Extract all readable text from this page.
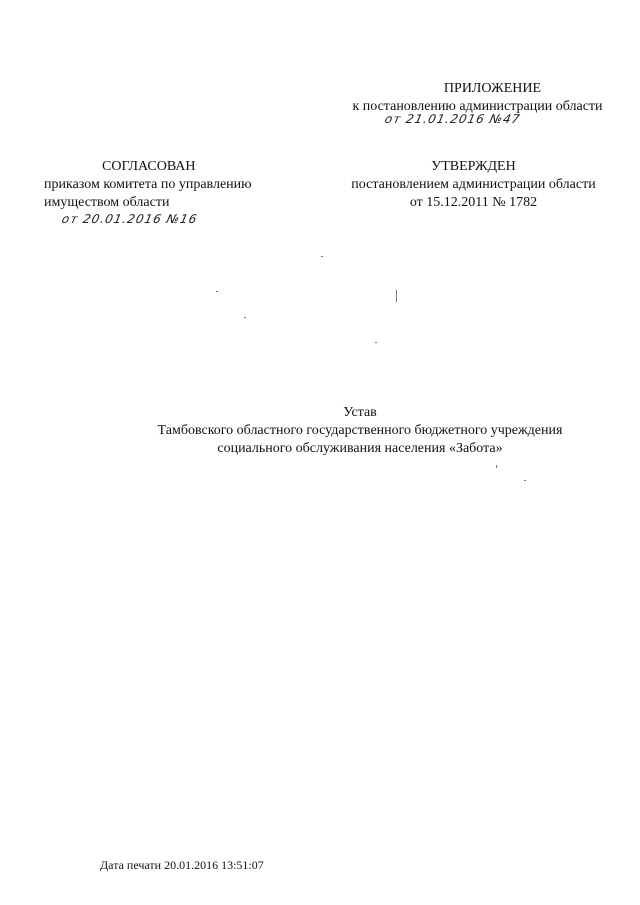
ПРИЛОЖЕНИЕ
к постановлению администрации области
от 21.01.2016 №47
СОГЛАСОВАН
приказом комитета по управлению
имуществом области
от 20.01.2016 №16
УТВЕРЖДЕН
постановлением администрации области
от 15.12.2011 № 1782
Устав
Тамбовского областного государственного бюджетного учреждения
социального обслуживания населения «Забота»
Дата печати 20.01.2016 13:51:07
